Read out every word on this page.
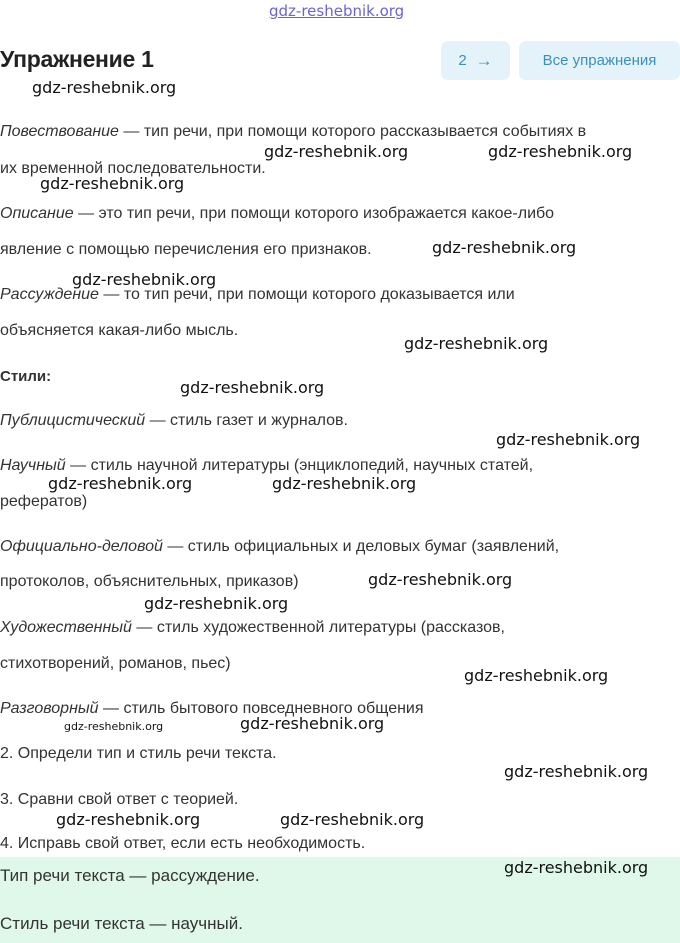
gdz-reshebnik.org
Упражнение 1	2 →	Все упражнения
Повествование — тип речи, при помощи которого рассказывается событиях в
их временной последовательности.
Описание — это тип речи, при помощи которого изображается какое-либо
явление с помощью перечисления его признаков.
Рассуждение — то тип речи, при помощи которого доказывается или
объясняется какая-либо мысль.
Стили:
Публицистический — стиль газет и журналов.
Научный — стиль научной литературы (энциклопедий, научных статей,
рефератов)
Официально-деловой — стиль официальных и деловых бумаг (заявлений,
протоколов, объяснительных, приказов)
Художественный — стиль художественной литературы (рассказов,
стихотворений, романов, пьес)
Разговорный — стиль бытового повседневного общения
2. Определи тип и стиль речи текста.
3. Сравни свой ответ с теорией.
4. Исправь свой ответ, если есть необходимость.
Тип речи текста — рассуждение.
Стиль речи текста — научный.
gdz-reshebnik.org
gdz-reshebnik.org	gdz-reshebnik.org
gdz-reshebnik.org
gdz-reshebnik.org
gdz-reshebnik.org
gdz-reshebnik.org
gdz-reshebnik.org
gdz-reshebnik.org
gdz-reshebnik.org	gdz-reshebnik.org
gdz-reshebnik.org
gdz-reshebnik.org
gdz-reshebnik.org
gdz-reshebnik.org	gdz-reshebnik.org
gdz-reshebnik.org
gdz-reshebnik.org	gdz-reshebnik.org
gdz-reshebnik.org
